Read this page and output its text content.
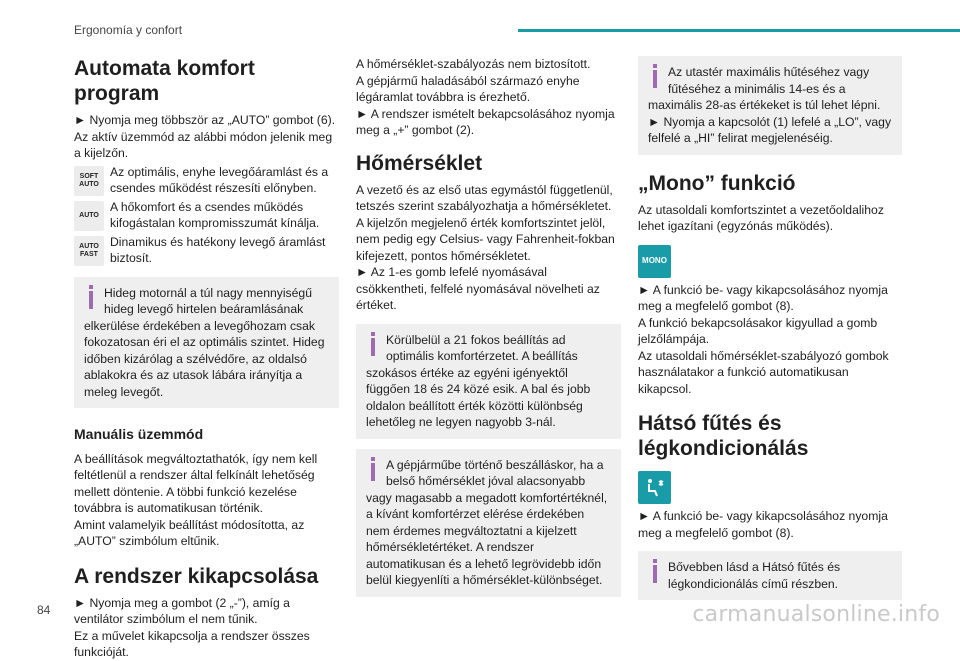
Ergonomía y confort
84	carmanualsonline.info
Automata komfort program

► Nyomja meg többször az „AUTO” gombot (6). Az aktív üzemmód az alábbi módon jelenik meg a kijelzőn.

SOFT
AUTO

Az optimális, enyhe levegőáramlást és a csendes működést részesíti előnyben.

AUTO

A hőkomfort és a csendes működés kifogástalan kompromisszumát kínálja.

AUTO
FAST

Dinamikus és hatékony levegő áramlást biztosít.

Hideg motornál a túl nagy mennyiségű hideg levegő hirtelen beáramlásának elkerülése érdekében a levegőhozam csak fokozatosan éri el az optimális szintet. Hideg időben kizárólag a szélvédőre, az oldalsó ablakokra és az utasok lábára irányítja a meleg levegőt.
Manuális üzemmód

A beállítások megváltoztathatók, így nem kell feltétlenül a rendszer által felkínált lehetőség mellett döntenie. A többi funkció kezelése továbbra is automatikusan történik.

Amint valamelyik beállítást módosította, az „AUTO” szimbólum eltűnik.

A rendszer kikapcsolása

► Nyomja meg a gombot (2 „-”), amíg a ventilátor szimbólum el nem tűnik.

Ez a művelet kikapcsolja a rendszer összes funkcióját.

A hőmérséklet-szabályozás nem biztosított.

A gépjármű haladásából származó enyhe légáramlat továbbra is érezhető.

► A rendszer ismételt bekapcsolásához nyomja meg a „+” gombot (2).

Hőmérséklet

A vezető és az első utas egymástól függetlenül, tetszés szerint szabályozhatja a hőmérsékletet.

A kijelzőn megjelenő érték komfortszintet jelöl, nem pedig egy Celsius- vagy Fahrenheit-fokban kifejezett, pontos hőmérsékletet.

► Az 1-es gomb lefelé nyomásával csökkentheti, felfelé nyomásával növelheti az értéket.

Körülbelül a 21 fokos beállítás ad optimális komfortérzetet. A beállítás szokásos értéke az egyéni igényektől függően 18 és 24 közé esik. A bal és jobb oldalon beállított érték közötti különbség lehetőleg ne legyen nagyobb 3-nál.
A gépjárműbe történő beszálláskor, ha a belső hőmérséklet jóval alacsonyabb vagy magasabb a megadott komfortértéknél, a kívánt komfortérzet elérése érdekében nem érdemes megváltoztatni a kijelzett hőmérsékletértéket. A rendszer automatikusan és a lehető legrövidebb időn belül kiegyenlíti a hőmérséklet-különbséget.
Az utastér maximális hűtéséhez vagy fűtéséhez a minimális 14-es és a maximális 28-as értékeket is túl lehet lépni. ► Nyomja a kapcsolót (1) lefelé a „LO”, vagy felfelé a „HI” felirat megjelenéséig.
„Mono” funkció

Az utasoldali komfortszintet a vezetőoldalihoz lehet igazítani (egyzónás működés).

MONO

► A funkció be- vagy kikapcsolásához nyomja meg a megfelelő gombot (8).

A funkció bekapcsolásakor kigyullad a gomb jelzőlámpája.

Az utasoldali hőmérséklet-szabályozó gombok használatakor a funkció automatikusan kikapcsol.

Hátsó fűtés és légkondicionálás

► A funkció be- vagy kikapcsolásához nyomja meg a megfelelő gombot (8).

Bővebben lásd a Hátsó fűtés és légkondicionálás című részben.
